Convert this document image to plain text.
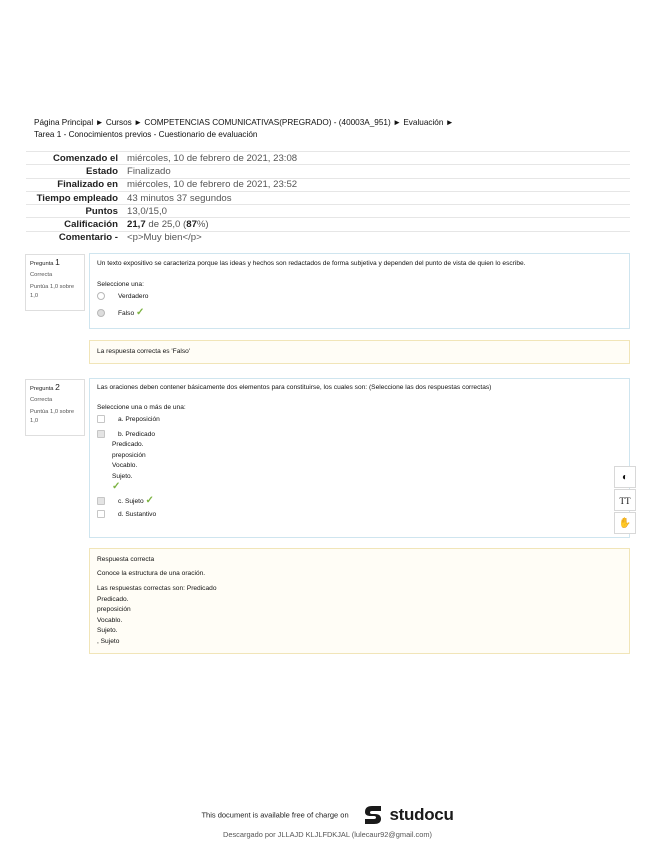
Página Principal ► Cursos ► COMPETENCIAS COMUNICATIVAS(PREGRADO) - (40003A_951) ► Evaluación ►
Tarea 1 - Conocimientos previos - Cuestionario de evaluación
Comenzado el	miércoles, 10 de febrero de 2021, 23:08
Estado	Finalizado
Finalizado en	miércoles, 10 de febrero de 2021, 23:52
Tiempo empleado	43 minutos 37 segundos
Puntos	13,0/15,0
Calificación	21,7 de 25,0 (87%)
Comentario -	<p>Muy bien</p>
Pregunta 1
Correcta
Puntúa 1,0 sobre 1,0
Un texto expositivo se caracteriza porque las ideas y hechos son redactados de forma subjetiva y dependen del punto de vista de quien lo escribe.
Seleccione una:
Verdadero
Falso ✓
La respuesta correcta es 'Falso'
Pregunta 2
Correcta
Puntúa 1,0 sobre 1,0
Las oraciones deben contener básicamente dos elementos para constituirse, los cuales son: (Seleccione las dos respuestas correctas)
Seleccione una o más de una:
a. Preposición
b. Predicado
Predicado.
preposición
Vocablo.
Sujeto.
✓
c. Sujeto ✓
d. Sustantivo
Respuesta correcta
Conoce la estructura de una oración.
Las respuestas correctas son: Predicado
Predicado.
preposición
Vocablo.
Sujeto.
, Sujeto
◐
TT
✋
This document is available free of charge on studocu
Descargado por JLLAJD KLJLFDKJAL (lulecaur92@gmail.com)
